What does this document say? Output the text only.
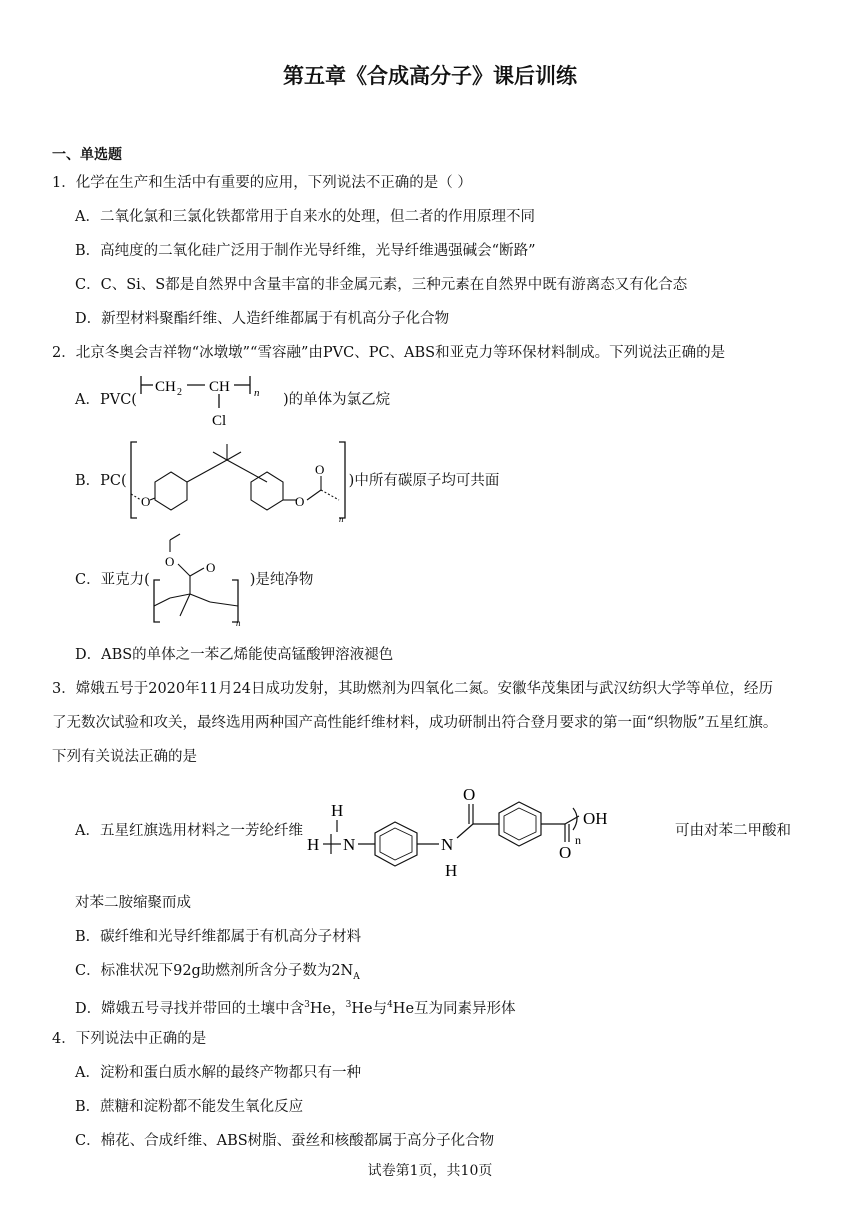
第五章《合成高分子》课后训练
一、单选题
1．化学在生产和生活中有重要的应用，下列说法不正确的是（ ）
A．二氧化氯和三氯化铁都常用于自来水的处理，但二者的作用原理不同
B．高纯度的二氧化硅广泛用于制作光导纤维，光导纤维遇强碱会“断路”
C．C、Si、S都是自然界中含量丰富的非金属元素，三种元素在自然界中既有游离态又有化合态
D．新型材料聚酯纤维、人造纤维都属于有机高分子化合物
2．北京冬奥会吉祥物“冰墩墩”“雪容融”由PVC、PC、ABS和亚克力等环保材料制成。下列说法正确的是
A．PVC(
CH 2 CH n
Cl
)的单体为氯乙烷
B．PC(
O	O
O
n
)中所有碳原子均可共面
C．亚克力(
O O
n
)是纯净物
D．ABS的单体之一苯乙烯能使高锰酸钾溶液褪色
3．嫦娥五号于2020年11月24日成功发射，其助燃剂为四氧化二氮。安徽华茂集团与武汉纺织大学等单位，经历
了无数次试验和攻关，最终选用两种国产高性能纤维材料，成功研制出符合登月要求的第一面“织物版”五星红旗。
下列有关说法正确的是
A．五星红旗选用材料之一芳纶纤维
H
H N	N
H
O
O
OH
n
可由对苯二甲酸和
对苯二胺缩聚而成
B．碳纤维和光导纤维都属于有机高分子材料
C．标准状况下92g助燃剂所含分子数为$2N_A$
D．嫦娥五号寻找并带回的土壤中含$^3$He，$^3$He与$^4$He互为同素异形体
4．下列说法中正确的是
A．淀粉和蛋白质水解的最终产物都只有一种
B．蔗糖和淀粉都不能发生氧化反应
C．棉花、合成纤维、ABS树脂、蚕丝和核酸都属于高分子化合物
试卷第1页，共10页
